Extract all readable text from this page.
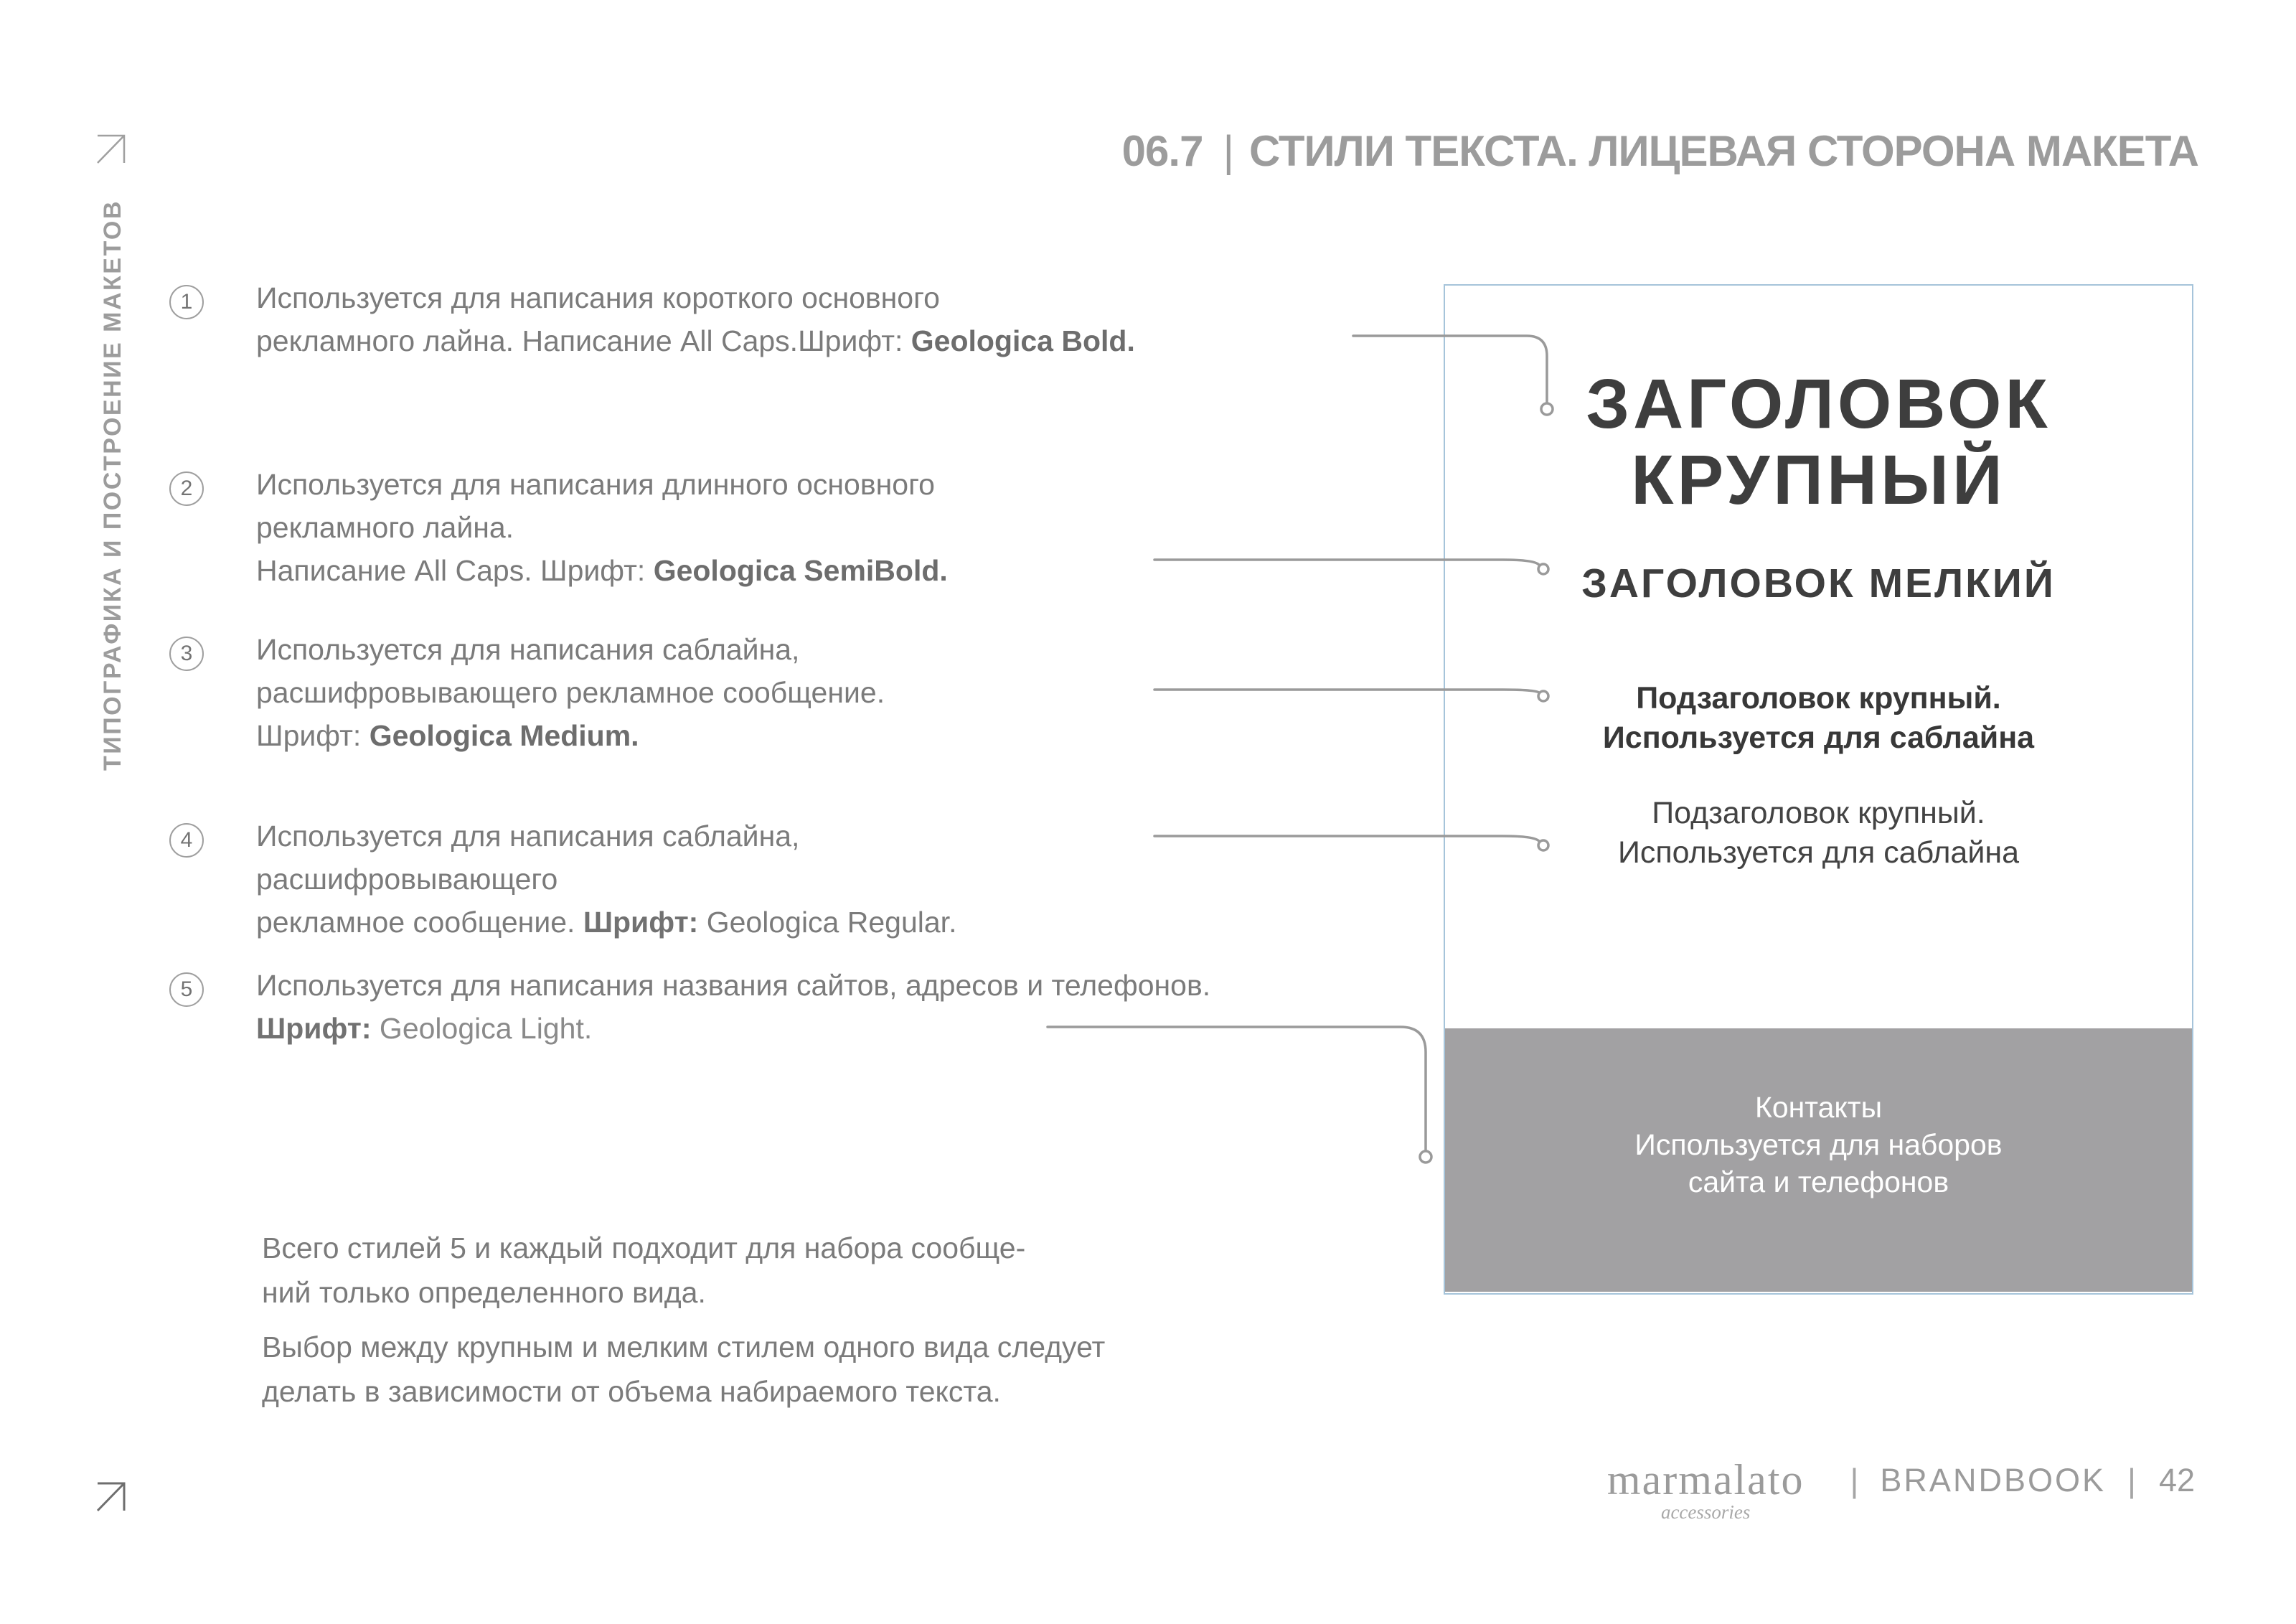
06.7 | СТИЛИ ТЕКСТА. ЛИЦЕВАЯ СТОРОНА МАКЕТА
ТИПОГРАФИКА И ПОСТРОЕНИЕ МАКЕТОВ	1	Используется для написания короткого основного
рекламного лайна. Написание All Caps.Шрифт: Geologica Bold.
2	Используется для написания длинного основного
рекламного лайна.
Написание All Caps. Шрифт: Geologica SemiBold.
3	Используется для написания саблайна,
расшифровывающего рекламное сообщение.
Шрифт: Geologica Medium.
4	Используется для написания саблайна,
расшифровывающего
рекламное сообщение. Шрифт: Geologica Regular.
5	Используется для написания названия сайтов, адресов и телефонов.
Шрифт: Geologica Light.
Всего стилей 5 и каждый подходит для набора сообще-
ний только определенного вида.
Выбор между крупным и мелким стилем одного вида следует
делать в зависимости от объема набираемого текста.
ЗАГОЛОВОК
КРУПНЫЙ
ЗАГОЛОВОК МЕЛКИЙ
Подзаголовок крупный.
Используется для саблайна
Подзаголовок крупный.
Используется для саблайна
Контакты
Используется для наборов
сайта и телефонов
marmalato
accessories
| BRANDBOOK | 42
